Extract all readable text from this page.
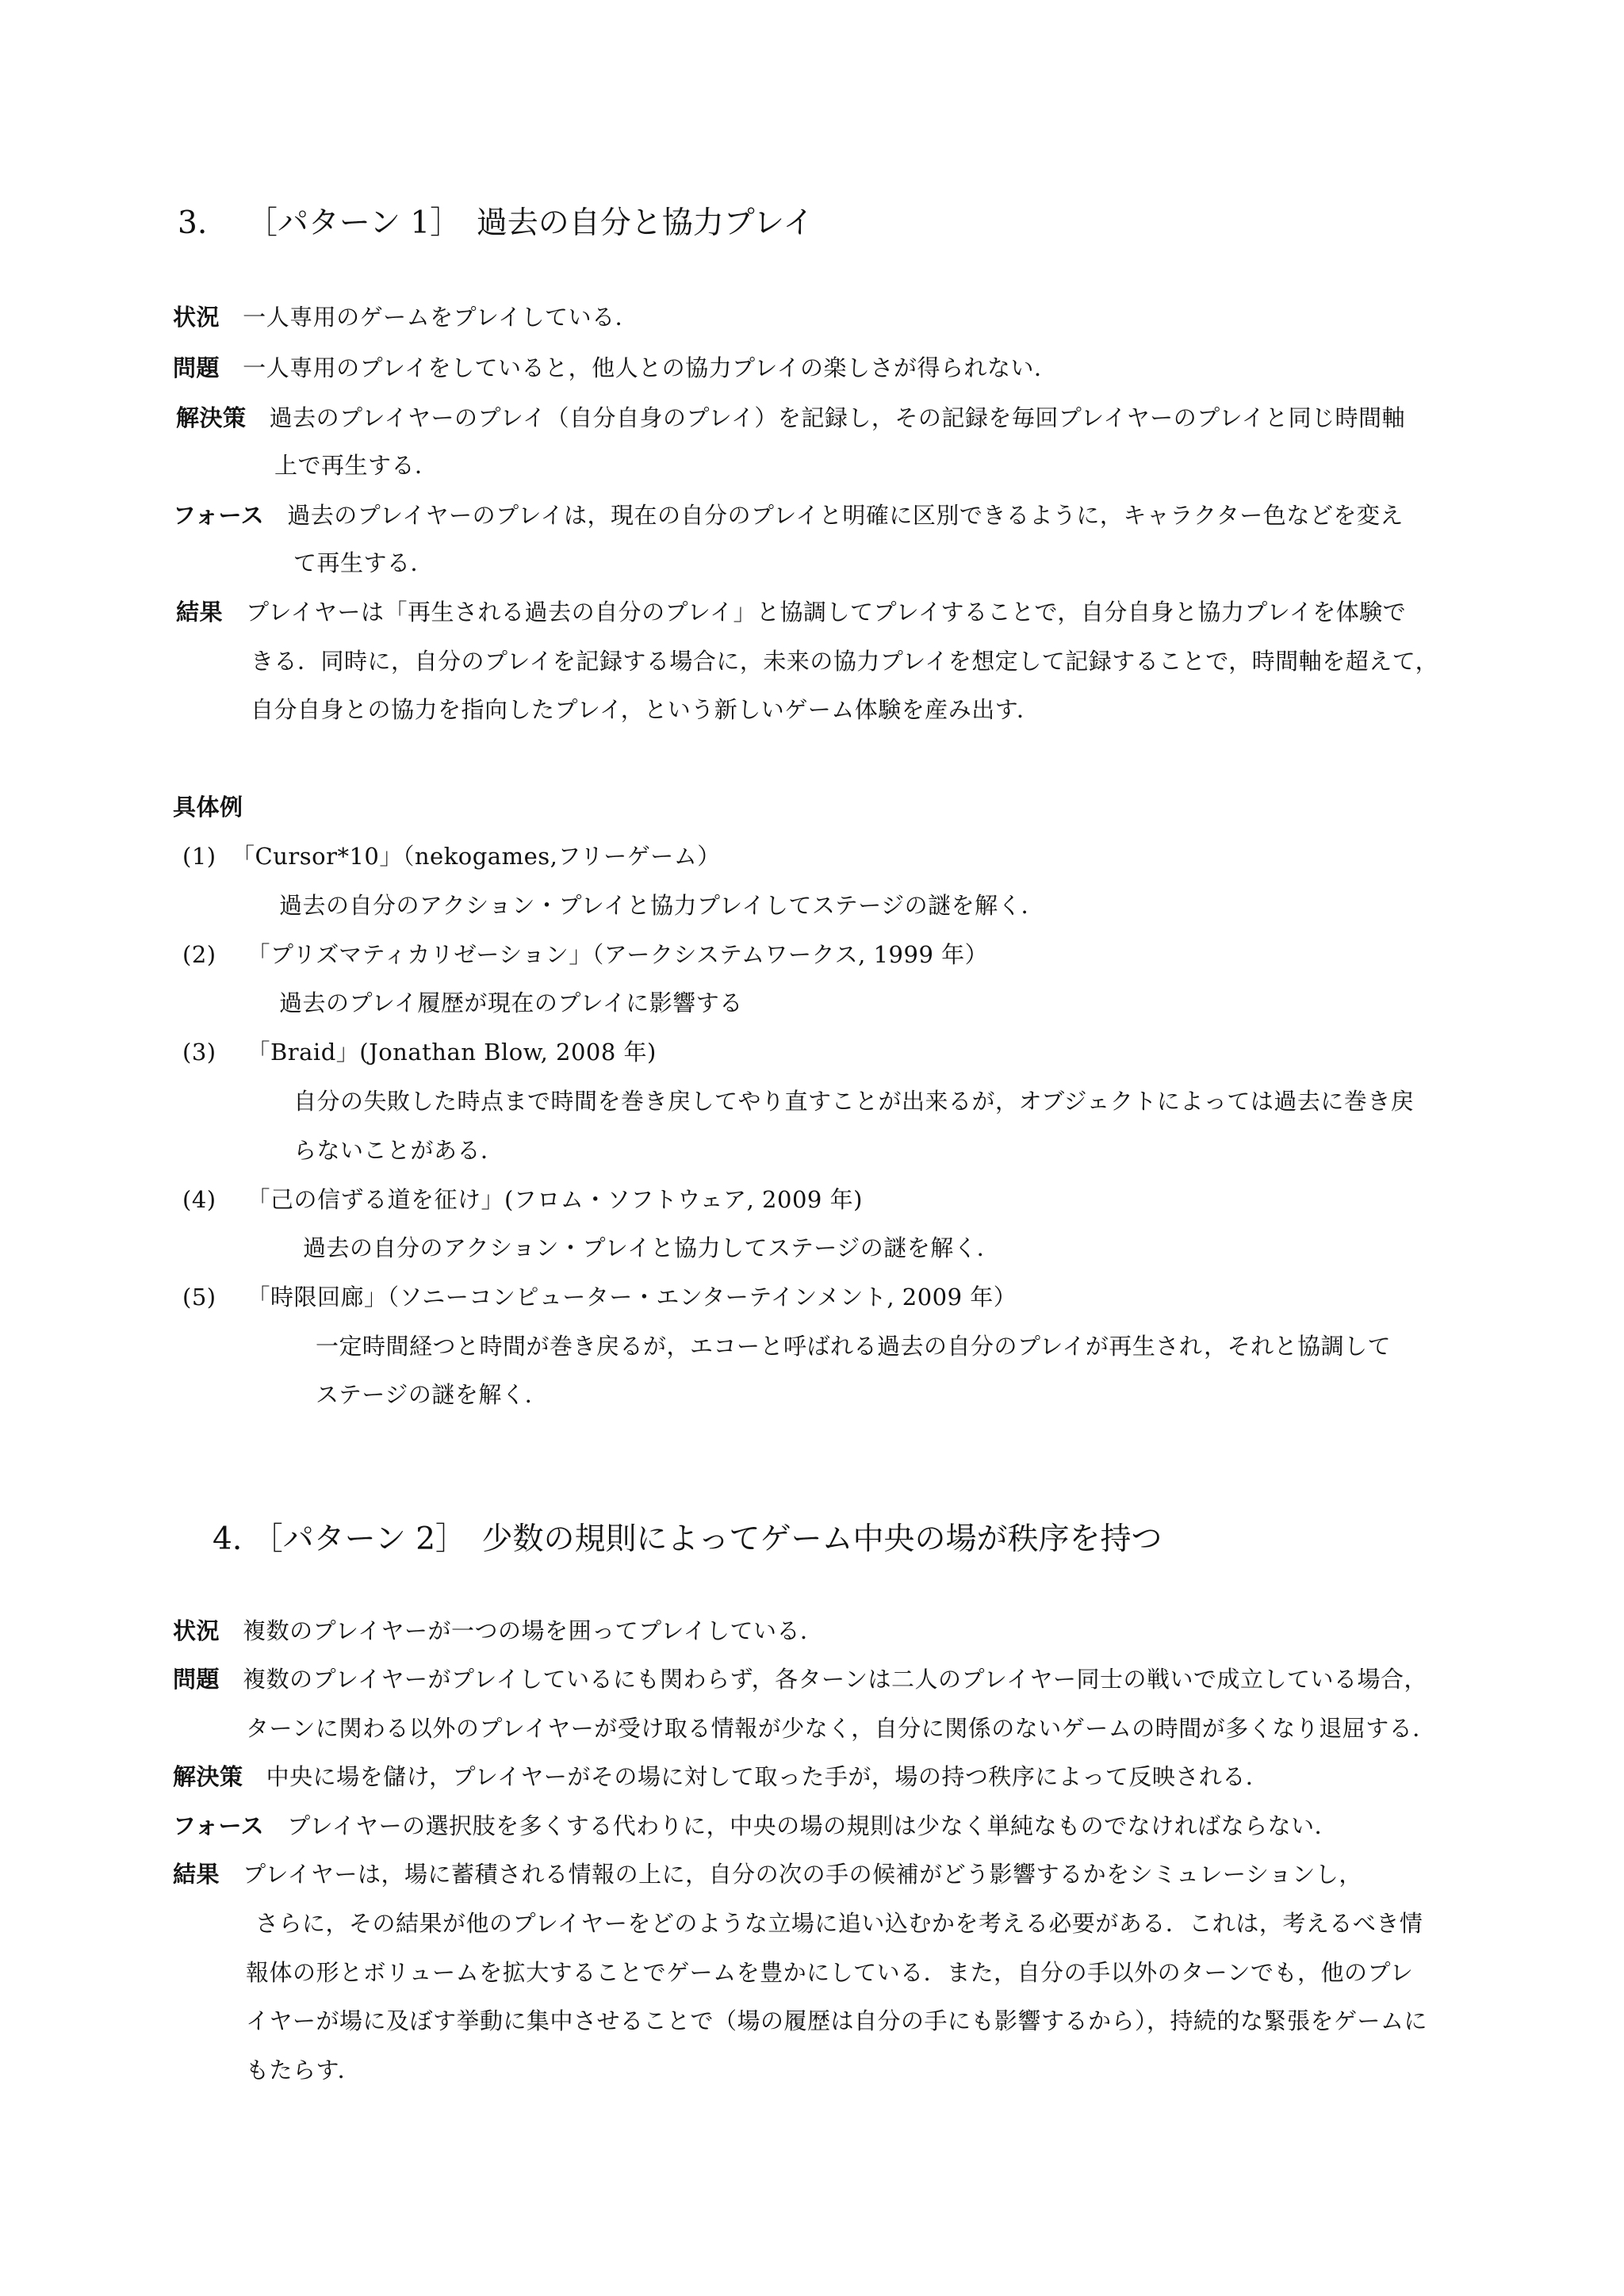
3. ［パターン 1］　過去の自分と協力プレイ
状況 一人専用のゲームをプレイしている．
問題 一人専用のプレイをしていると，他人との協力プレイの楽しさが得られない．
解決策 過去のプレイヤーのプレイ（自分自身のプレイ）を記録し，その記録を毎回プレイヤーのプレイと同じ時間軸
上で再生する．
フォース 過去のプレイヤーのプレイは，現在の自分のプレイと明確に区別できるように，キャラクター色などを変え
て再生する．
結果 プレイヤーは「再生される過去の自分のプレイ」と協調してプレイすることで，自分自身と協力プレイを体験で
きる．同時に，自分のプレイを記録する場合に，未来の協力プレイを想定して記録することで，時間軸を超えて，
自分自身との協力を指向したプレイ，という新しいゲーム体験を産み出す．
具体例
(1) 「Cursor*10」（nekogames,フリーゲーム）
過去の自分のアクション・プレイと協力プレイしてステージの謎を解く．
(2) 「プリズマティカリゼーション」（アークシステムワークス, 1999 年）
過去のプレイ履歴が現在のプレイに影響する
(3) 「Braid」(Jonathan Blow, 2008 年)
自分の失敗した時点まで時間を巻き戻してやり直すことが出来るが，オブジェクトによっては過去に巻き戻
らないことがある．
(4) 「己の信ずる道を征け」(フロム・ソフトウェア, 2009 年)
過去の自分のアクション・プレイと協力してステージの謎を解く．
(5) 「時限回廊」（ソニーコンピューター・エンターテインメント, 2009 年）
一定時間経つと時間が巻き戻るが，エコーと呼ばれる過去の自分のプレイが再生され，それと協調して
ステージの謎を解く．
4. ［パターン 2］　少数の規則によってゲーム中央の場が秩序を持つ
状況 複数のプレイヤーが一つの場を囲ってプレイしている．
問題 複数のプレイヤーがプレイしているにも関わらず，各ターンは二人のプレイヤー同士の戦いで成立している場合，
ターンに関わる以外のプレイヤーが受け取る情報が少なく，自分に関係のないゲームの時間が多くなり退屈する．
解決策 中央に場を儲け，プレイヤーがその場に対して取った手が，場の持つ秩序によって反映される．
フォース プレイヤーの選択肢を多くする代わりに，中央の場の規則は少なく単純なものでなければならない．
結果 プレイヤーは，場に蓄積される情報の上に，自分の次の手の候補がどう影響するかをシミュレーションし，
さらに，その結果が他のプレイヤーをどのような立場に追い込むかを考える必要がある．これは，考えるべき情
報体の形とボリュームを拡大することでゲームを豊かにしている．また，自分の手以外のターンでも，他のプレ
イヤーが場に及ぼす挙動に集中させることで（場の履歴は自分の手にも影響するから），持続的な緊張をゲームに
もたらす．
